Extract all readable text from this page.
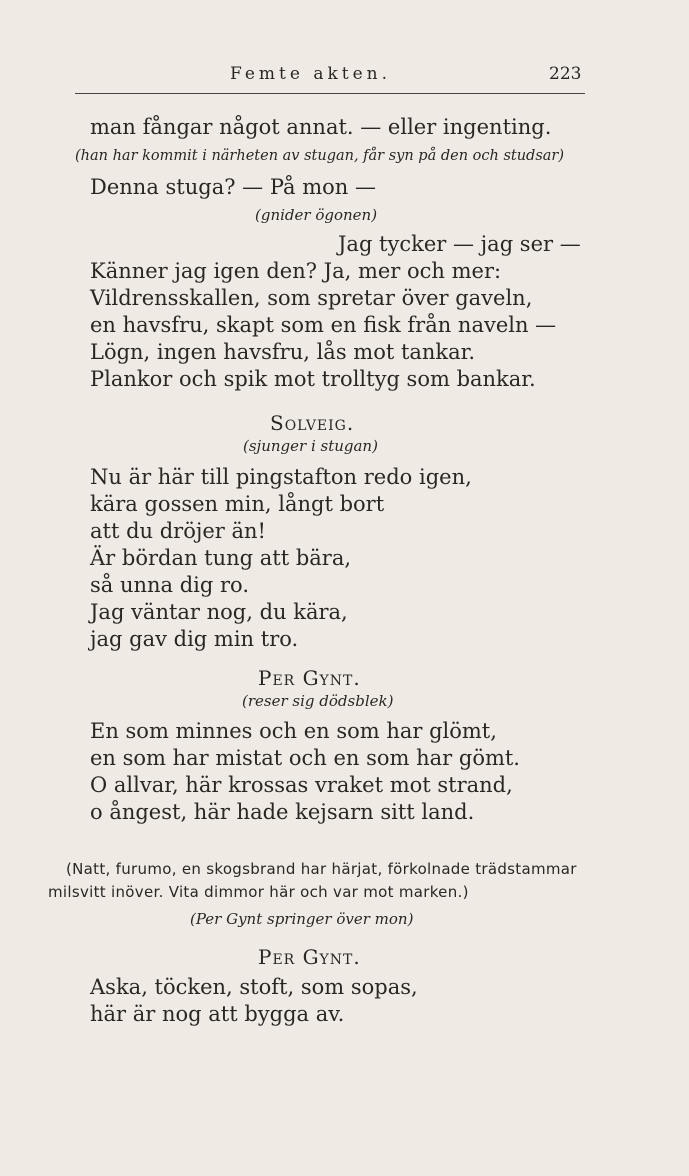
Femte akten.	223
man fångar något annat. — eller ingenting.
(han har kommit i närheten av stugan, får syn på den och studsar)
Denna stuga? — På mon —
(gnider ögonen)
Jag tycker — jag ser —
Känner jag igen den? Ja, mer och mer:
Vildrensskallen, som spretar över gaveln,
en havsfru, skapt som en fisk från naveln —
Lögn, ingen havsfru, lås mot tankar.
Plankor och spik mot trolltyg som bankar.
Solveig.
(sjunger i stugan)
Nu är här till pingstafton redo igen,
kära gossen min, långt bort
att du dröjer än!
Är bördan tung att bära,
så unna dig ro.
Jag väntar nog, du kära,
jag gav dig min tro.
Per Gynt.
(reser sig dödsblek)
En som minnes och en som har glömt,
en som har mistat och en som har gömt.
O allvar, här krossas vraket mot strand,
o ångest, här hade kejsarn sitt land.
(Natt, furumo, en skogsbrand har härjat, förkolnade trädstammar
milsvitt inöver. Vita dimmor här och var mot marken.)
(Per Gynt springer över mon)
Per Gynt.
Aska, töcken, stoft, som sopas,
här är nog att bygga av.
